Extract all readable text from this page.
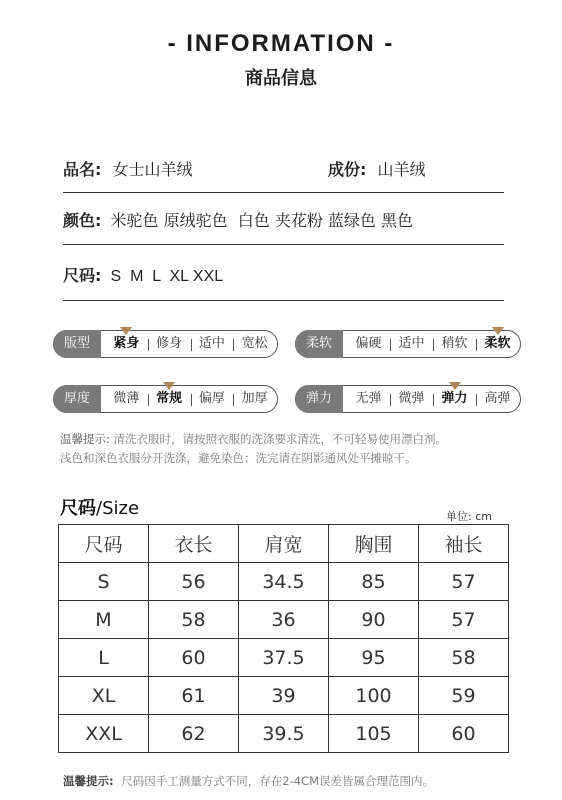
- INFORMATION -
商品信息
品名: 女士山羊绒	成份: 山羊绒
颜色: 米驼色 原绒驼色  白色 夹花粉 蓝绿色 黑色
尺码: S  M  L  XL XXL
版型	紧身	修身	适中	宽松	柔软	偏硬	适中	稍软	柔软
厚度	微薄	常规	偏厚	加厚	弹力	无弹	微弹	弹力	高弹
温馨提示: 清洗衣服时，请按照衣服的洗涤要求清洗，不可轻易使用漂白剂。
浅色和深色衣服分开洗涤，避免染色；洗完请在阴影通风处平摊晾干。
尺码/Size	单位: cm
尺码	衣长	肩宽	胸围	袖长
S	56	34.5	85	57
M	58	36	90	57
L	60	37.5	95	58
XL	61	39	100	59
XXL	62	39.5	105	60
温馨提示: 尺码因手工测量方式不同，存在2-4CM误差皆属合理范围内。
